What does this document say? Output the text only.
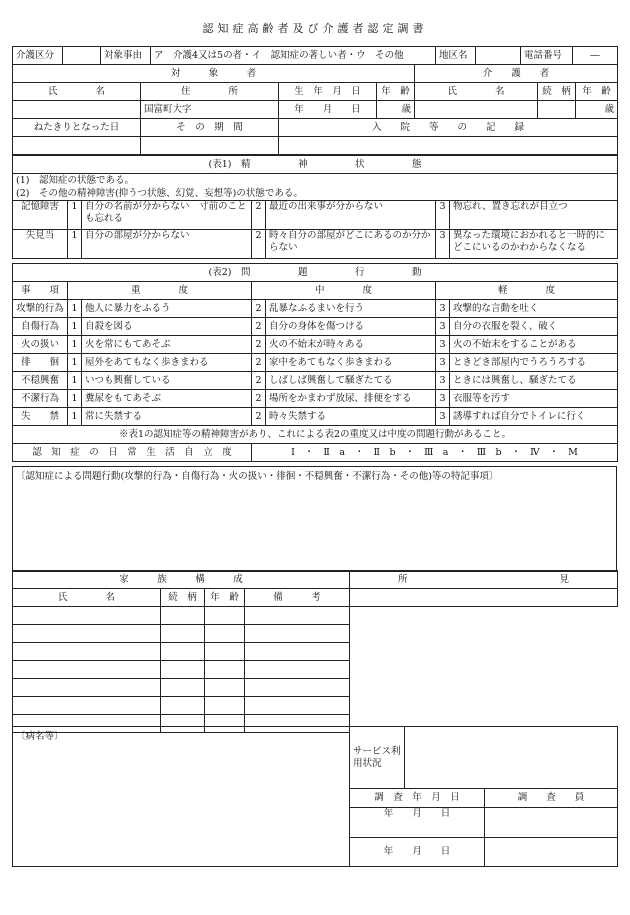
認知症高齢者及び介護者認定調書
介護区分		対象事由	ア　介護4又は5の者・イ　認知症の著しい者・ウ　その他	地区名		電話番号	―
対　　　象　　　者				介　　護　　者		
氏　　　　名	住　　　　所	生　年　月　日	年　齢	氏　　　　名	続　柄	年　齢
	国富町大字	年　　月　　日	歳			歳
ねたきりとなった日	そ　の　期　間	入　　院　　等　　の　　記　　録				

(表1)　精　　　　　神　　　　　状　　　　　態						
(1)　認知症の状態である。						
(2)　その他の精神障害(抑うつ状態、幻覚、妄想等)の状態である。						
記憶障害	1	自分の名前が分からない　寸前のことも忘れる	2	最近の出来事が分からない	3	物忘れ、置き忘れが目立つ
失見当	1	自分の部屋が分からない	2	時々自分の部屋がどこにあるのか分からない	3	異なった環境におかれると一時的にどこにいるのかわからなくなる
(表2)　問　　　　　題　　　　　行　　　　　動						
事　　項	重　　　　度		中　　　　度		軽　　　　度	
攻撃的行為	1	他人に暴力をふるう	2	乱暴なふるまいを行う	3	攻撃的な言動を吐く
自傷行為	1	自殺を図る	2	自分の身体を傷つける	3	自分の衣服を裂く、破く
火の扱い	1	火を常にもてあそぶ	2	火の不始末が時々ある	3	火の不始末をすることがある
徘　　徊	1	屋外をあてもなく歩きまわる	2	家中をあてもなく歩きまわる	3	ときどき部屋内でうろうろする
不穏興奮	1	いつも興奮している	2	しばしば興奮して騒ぎたてる	3	ときには興奮し、騒ぎたてる
不潔行為	1	糞尿をもてあそぶ	2	場所をかまわず放尿、排便をする	3	衣服等を汚す
失　　禁	1	常に失禁する	2	時々失禁する	3	誘導すれば自分でトイレに行く
※表1の認知症等の精神障害があり、これによる表2の重度又は中度の問題行動があること。						
認　知　症　の　日　常　生　活　自　立　度			Ⅰ　・　Ⅱ　a　・　Ⅱ　b　・　Ⅲ　a　・　Ⅲ　b　・　Ⅳ　・　M			
〔認知症による問題行動(攻撃的行為・自傷行為・火の扱い・徘徊・不穏興奮・不潔行為・その他)等の特記事項〕
家　　　族　　　構　　　成				所　　　　　　　　　　　　　　　　見
氏　　　　名	続　柄	年　齢	備　　　考	

〔病名等〕	サービス利用状況		
	調　査　年　月　日		調　　査　　員
	年　　月　　日		
	年　　月　　日		
